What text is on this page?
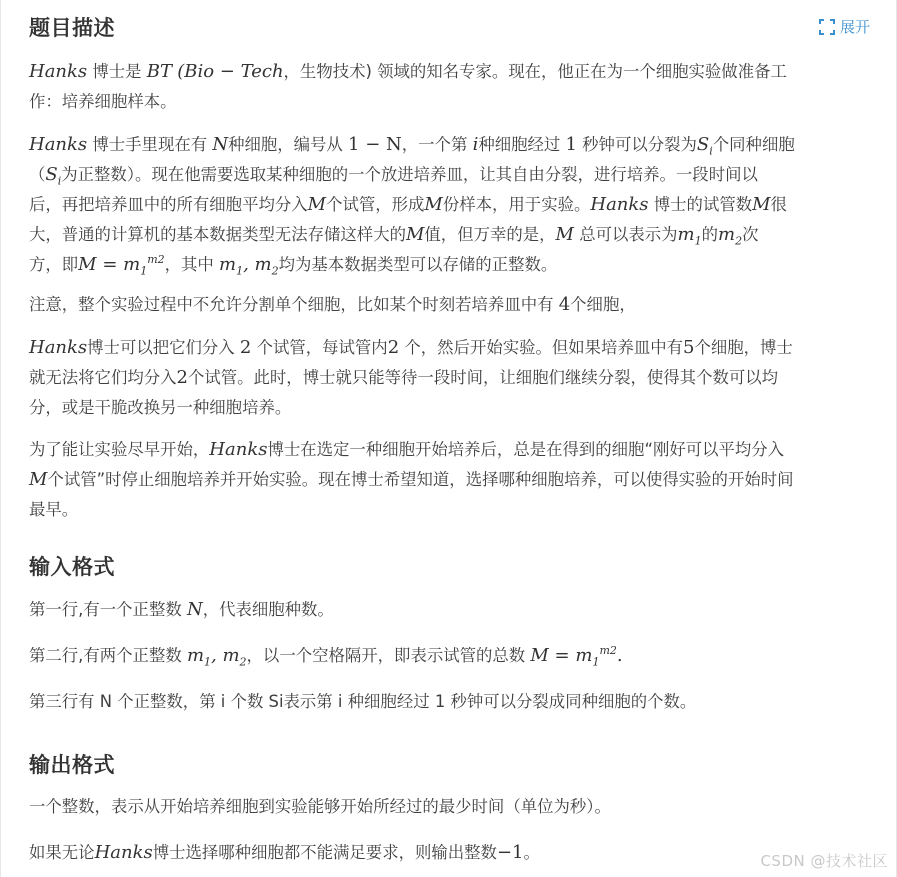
题目描述	展开
Hanks 博士是 BT (Bio − Tech，生物技术) 领域的知名专家。现在，他正在为一个细胞实验做准备工
作：培养细胞样本。
Hanks 博士手里现在有 N种细胞，编号从 1 − N，一个第 i种细胞经过 1 秒钟可以分裂为$S_i$个同种细胞
（$S_i$为正整数）。现在他需要选取某种细胞的一个放进培养皿，让其自由分裂，进行培养。一段时间以
后，再把培养皿中的所有细胞平均分入M个试管，形成M份样本，用于实验。Hanks 博士的试管数M很
大，普通的计算机的基本数据类型无法存储这样大的M值，但万幸的是，M 总可以表示为$m_1$的$m_2$次
方，即$M = m_1^{m2}$，其中 $m_1$, $m_2$均为基本数据类型可以存储的正整数。
注意，整个实验过程中不允许分割单个细胞，比如某个时刻若培养皿中有 4个细胞，
Hanks博士可以把它们分入 2 个试管，每试管内2 个，然后开始实验。但如果培养皿中有5个细胞，博士
就无法将它们均分入2个试管。此时，博士就只能等待一段时间，让细胞们继续分裂，使得其个数可以均
分，或是干脆改换另一种细胞培养。
为了能让实验尽早开始，Hanks博士在选定一种细胞开始培养后，总是在得到的细胞“刚好可以平均分入
M个试管”时停止细胞培养并开始实验。现在博士希望知道，选择哪种细胞培养，可以使得实验的开始时间
最早。
输入格式
第一行,有一个正整数 N，代表细胞种数。
第二行,有两个正整数 $m_1$, $m_2$，以一个空格隔开，即表示试管的总数 $M = m_1^{m2}$.
第三行有 N 个正整数，第 i 个数 Si表示第 i 种细胞经过 1 秒钟可以分裂成同种细胞的个数。
输出格式
一个整数，表示从开始培养细胞到实验能够开始所经过的最少时间（单位为秒）。
如果无论Hanks博士选择哪种细胞都不能满足要求，则输出整数−1。	CSDN @技术社区
